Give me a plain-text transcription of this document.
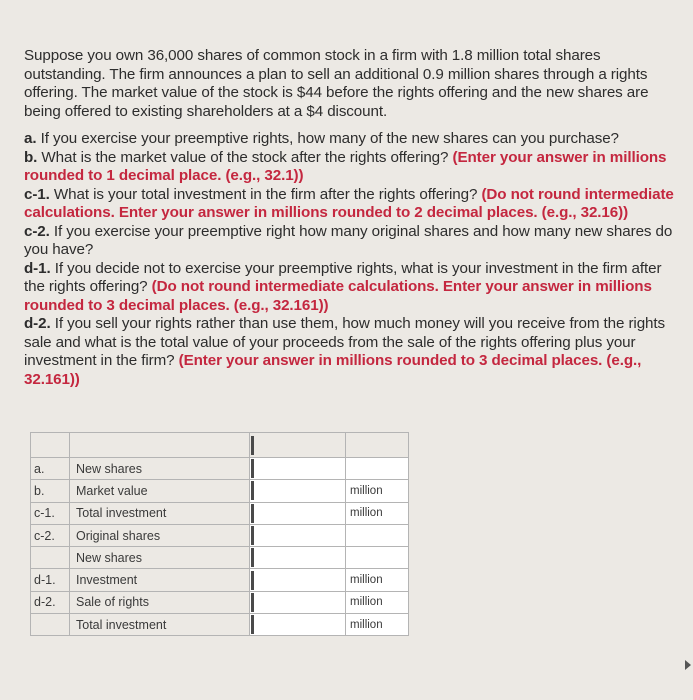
Suppose you own 36,000 shares of common stock in a firm with 1.8 million total shares outstanding. The firm announces a plan to sell an additional 0.9 million shares through a rights offering. The market value of the stock is $44 before the rights offering and the new shares are being offered to existing shareholders at a $4 discount.

a. If you exercise your preemptive rights, how many of the new shares can you purchase?

b. What is the market value of the stock after the rights offering? (Enter your answer in millions rounded to 1 decimal place. (e.g., 32.1))

c-1. What is your total investment in the firm after the rights offering? (Do not round intermediate calculations. Enter your answer in millions rounded to 2 decimal places. (e.g., 32.16))

c-2. If you exercise your preemptive right how many original shares and how many new shares do you have?

d-1. If you decide not to exercise your preemptive rights, what is your investment in the firm after the rights offering? (Do not round intermediate calculations. Enter your answer in millions rounded to 3 decimal places. (e.g., 32.161))

d-2. If you sell your rights rather than use them, how much money will you receive from the rights sale and what is the total value of your proceeds from the sale of the rights offering plus your investment in the firm? (Enter your answer in millions rounded to 3 decimal places. (e.g., 32.161))

a.	New shares	

b.	Market value		million
c-1.	Total investment		million
c-2.	Original shares	

	New shares	

d-1.	Investment		million
d-2.	Sale of rights		million
	Total investment		million
